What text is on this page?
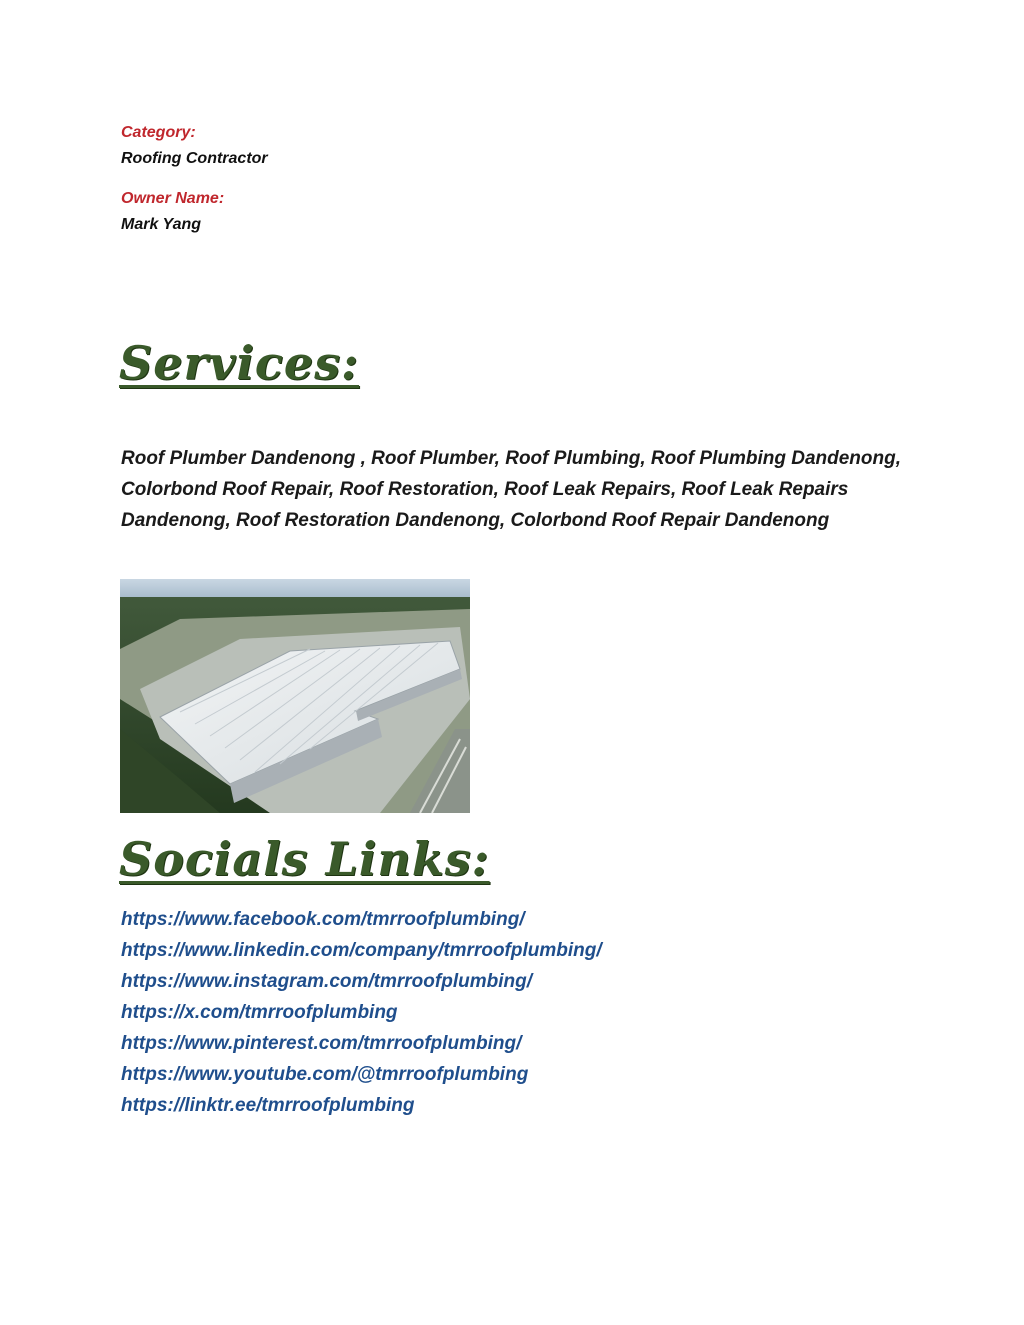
Category:
Roofing Contractor
Owner Name:
Mark Yang
Services:
Roof Plumber Dandenong , Roof Plumber, Roof Plumbing, Roof Plumbing Dandenong, Colorbond Roof Repair, Roof Restoration, Roof Leak Repairs, Roof Leak Repairs Dandenong, Roof Restoration Dandenong, Colorbond Roof Repair Dandenong
Socials Links:
https://www.facebook.com/tmrroofplumbing/
https://www.linkedin.com/company/tmrroofplumbing/
https://www.instagram.com/tmrroofplumbing/
https://x.com/tmrroofplumbing
https://www.pinterest.com/tmrroofplumbing/
https://www.youtube.com/@tmrroofplumbing
https://linktr.ee/tmrroofplumbing
